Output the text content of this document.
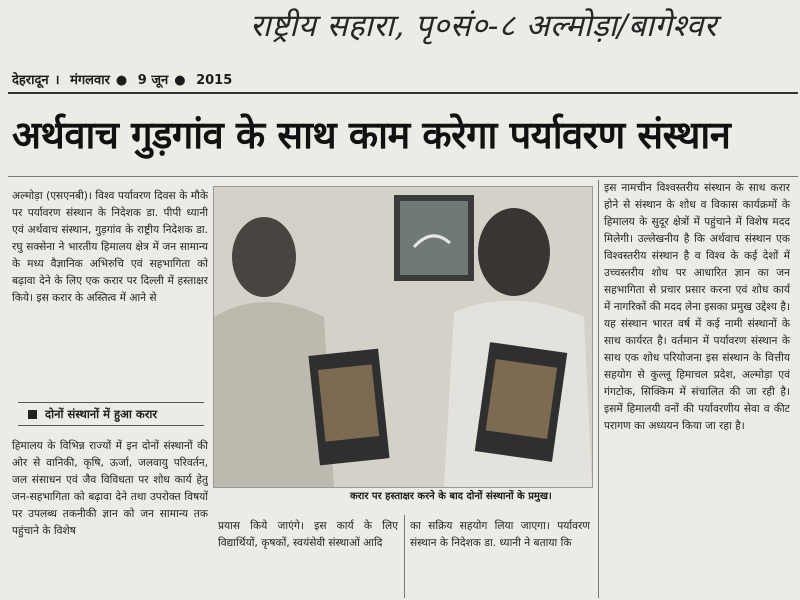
राष्ट्रीय सहारा, पृ०सं०-८ अल्मोड़ा/बागेश्वर
देहरादून । मंगलवार ● 9 जून ● 2015
अर्थवाच गुड़गांव के साथ काम करेगा पर्यावरण संस्थान
अल्मोड़ा (एसएनबी)। विश्व पर्यावरण दिवस के मौके पर पर्यावरण संस्थान के निदेशक डा. पीपी ध्यानी एवं अर्थवाच संस्थान, गुड़गांव के राष्ट्रीय निदेशक डा. रघु सक्सेना ने भारतीय हिमालय क्षेत्र में जन सामान्य के मध्य वैज्ञानिक अभिरुचि एवं सहभागिता को बढ़ावा देने के लिए एक करार पर दिल्ली में हस्ताक्षर किये। इस करार के अस्तित्व में आने से
दोनों संस्थानों में हुआ करार
हिमालय के विभिन्न राज्यों में इन दोनों संस्थानों की ओर से वानिकी, कृषि, ऊर्जा, जलवायु परिवर्तन, जल संसाधन एवं जैव विविधता पर शोध कार्य हेतु जन-सहभागिता को बढ़ावा देने तथा उपरोक्त विषयों पर उपलब्ध तकनीकी ज्ञान को जन सामान्य तक पहुंचाने के विशेष
करार पर हस्ताक्षर करने के बाद दोनों संस्थानों के प्रमुख।
प्रयास किये जाएंगे। इस कार्य के लिए विद्यार्थियों, कृषकों, स्वयंसेवी संस्थाओं आदि
का सक्रिय सहयोग लिया जाएगा। पर्यावरण संस्थान के निदेशक डा. ध्यानी ने बताया कि
इस नामचीन विश्वस्तरीय संस्थान के साथ करार होने से संस्थान के शोध व विकास कार्यक्रमों के हिमालय के सुदूर क्षेत्रों में पहुंचाने में विशेष मदद मिलेगी। उल्लेखनीय है कि अर्थवाच संस्थान एक विश्वस्तरीय संस्थान है व विश्व के कई देशों में उच्चस्तरीय शोध पर आधारित ज्ञान का जन सहभागिता से प्रचार प्रसार करना एवं शोध कार्य में नागरिकों की मदद लेना इसका प्रमुख उद्देश्य है। यह संस्थान भारत वर्ष में कई नामी संस्थानों के साथ कार्यरत है। वर्तमान में पर्यावरण संस्थान के साथ एक शोध परियोजना इस संस्थान के वित्तीय सहयोग से कुल्लू हिमाचल प्रदेश, अल्मोड़ा एवं गंगटोक, सिक्किम में संचालित की जा रही है। इसमें हिमालयी वनों की पर्यावरणीय सेवा व कीट परागण का अध्ययन किया जा रहा है।
